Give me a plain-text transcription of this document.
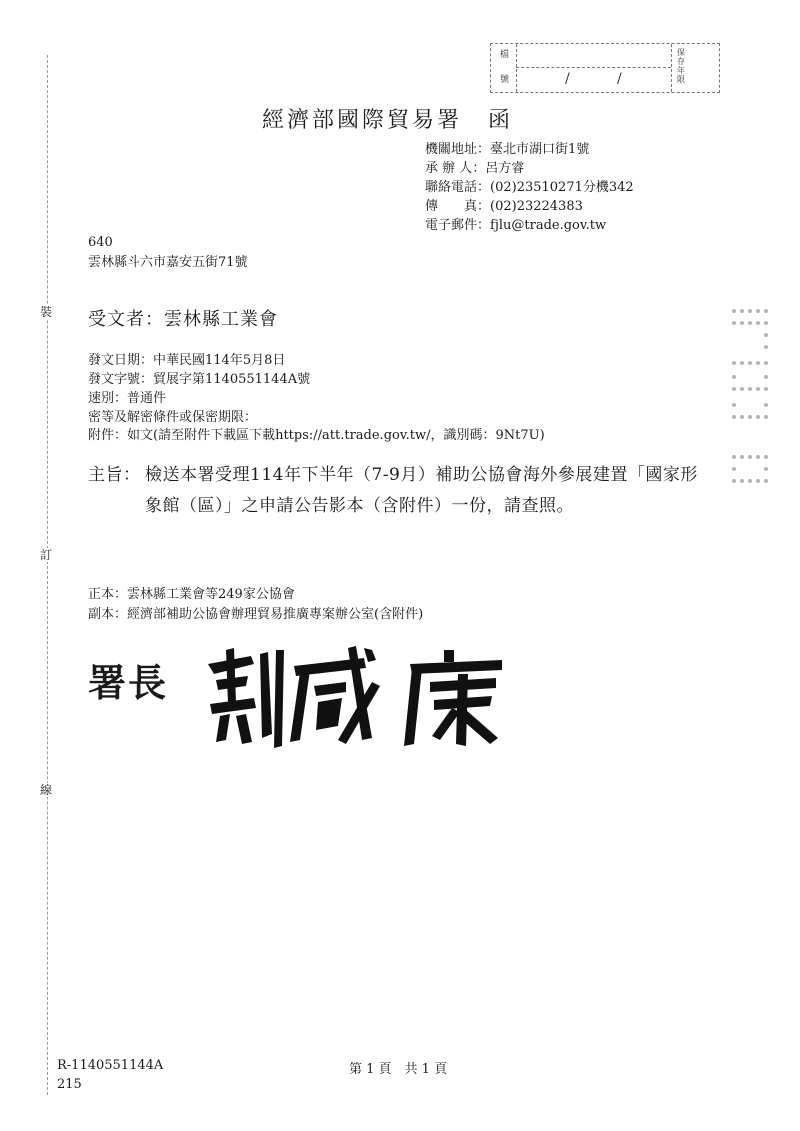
裝
訂
線
檔
號	/	/
保存年限
經濟部國際貿易署 函
機關地址：臺北市湖口街1號
承 辦 人：呂方睿
聯絡電話：(02)23510271分機342
傳　　真：(02)23224383
電子郵件：fjlu@trade.gov.tw
640
雲林縣斗六市嘉安五街71號
受文者：雲林縣工業會
發文日期：中華民國114年5月8日
發文字號：貿展字第1140551144A號
速別：普通件
密等及解密條件或保密期限：
附件：如文(請至附件下載區下載https://att.trade.gov.tw/，識別碼：9Nt7U)
主旨： 檢送本署受理114年下半年（7-9月）補助公協會海外參展建置「國家形象館（區）」之申請公告影本（含附件）一份，請查照。
正本：雲林縣工業會等249家公協會
副本：經濟部補助公協會辦理貿易推廣專案辦公室(含附件)
署長
R-1140551144A	第 1 頁　共 1 頁
215
